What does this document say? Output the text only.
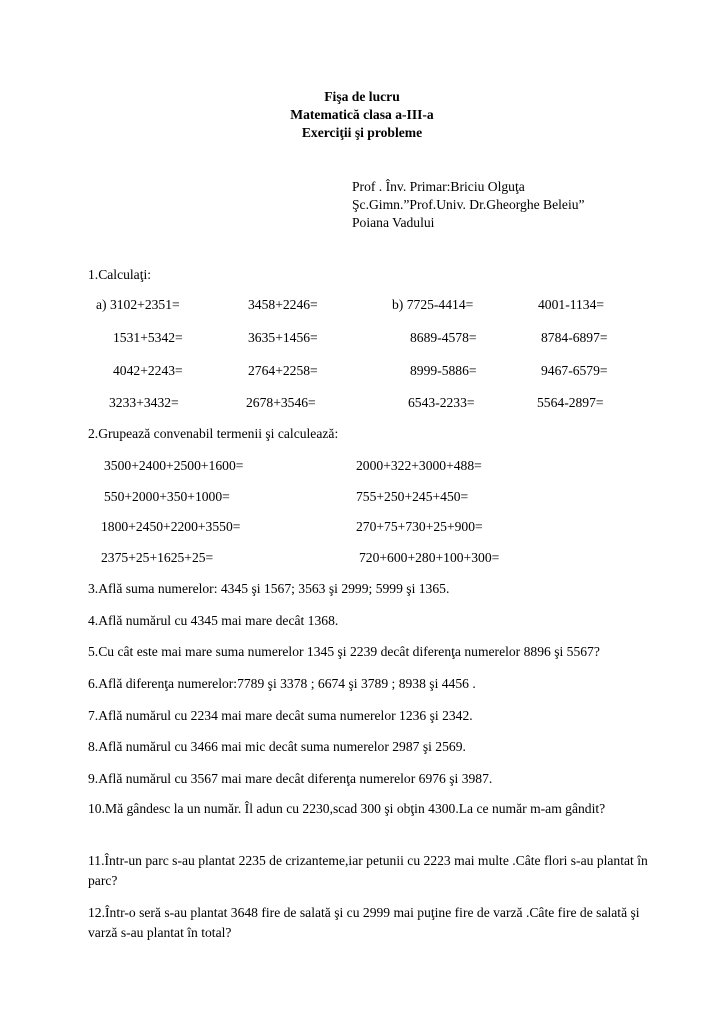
Fişa de lucru
Matematică clasa a-III-a
Exerciţii şi probleme
Prof . Înv. Primar:Briciu Olguţa
Şc.Gimn.”Prof.Univ. Dr.Gheorghe Beleiu”
Poiana Vadului
1.Calculaţi:
a) 3102+2351=	3458+2246=	b) 7725-4414=	4001-1134=
1531+5342=	3635+1456=	8689-4578=	8784-6897=
4042+2243=	2764+2258=	8999-5886=	9467-6579=
3233+3432=	2678+3546=	6543-2233=	5564-2897=
2.Grupează convenabil termenii şi calculează:
3500+2400+2500+1600=	2000+322+3000+488=
550+2000+350+1000=	755+250+245+450=
1800+2450+2200+3550=	270+75+730+25+900=
2375+25+1625+25=	720+600+280+100+300=
3.Află suma numerelor: 4345 şi 1567; 3563 şi 2999; 5999 şi 1365.
4.Află numărul cu 4345 mai mare decât 1368.
5.Cu cât este mai mare suma numerelor 1345 şi 2239 decât diferenţa numerelor 8896 şi 5567?
6.Află diferenţa numerelor:7789 şi 3378 ; 6674 şi 3789 ; 8938 şi 4456 .
7.Află numărul cu 2234 mai mare decât suma numerelor 1236 şi 2342.
8.Află numărul cu 3466 mai mic decât suma numerelor 2987 şi 2569.
9.Află numărul cu 3567 mai mare decât diferenţa numerelor 6976 şi 3987.
10.Mă gândesc la un număr. Îl adun cu 2230,scad 300 şi obţin 4300.La ce număr m-am gândit?
11.Într-un parc s-au plantat 2235 de crizanteme,iar petunii cu 2223 mai multe .Câte flori s-au plantat în parc?
12.Într-o seră s-au plantat 3648 fire de salată şi cu 2999 mai puţine fire de varză .Câte fire de salată şi varză s-au plantat în total?
